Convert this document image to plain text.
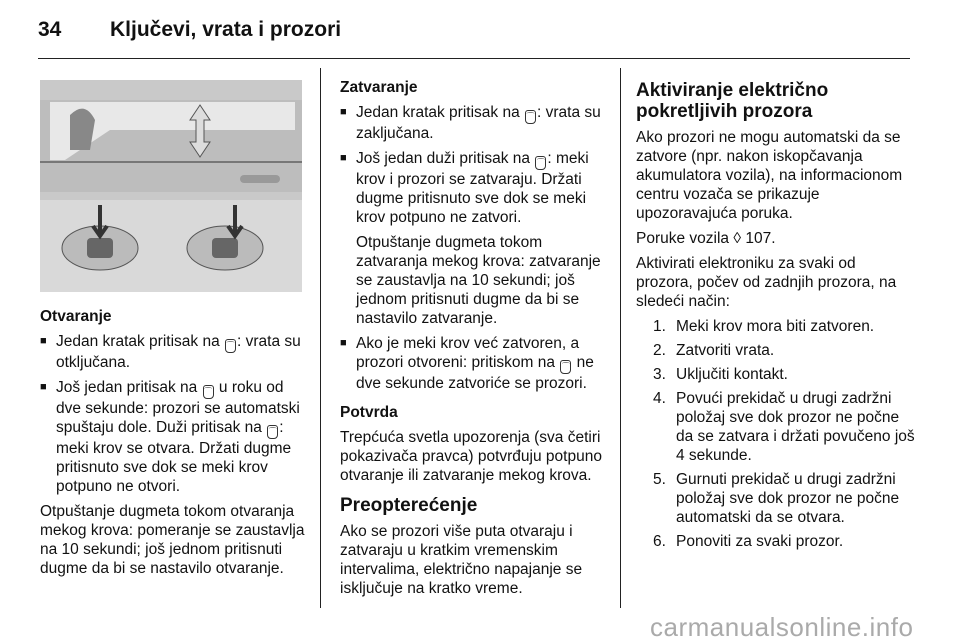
34 Ključevi, vrata i prozori

Otvaranje

■ Jedan kratak pritisak na ⌒ : vrata su otključana.
■ Još jedan pritisak na ⌒ u roku od dve sekunde: prozori se automatski spuštaju dole. Duži pritisak na ⌒ : meki krov se otvara. Držati dugme pritisnuto sve dok se meki krov potpuno ne otvori.

Otpuštanje dugmeta tokom otvaranja mekog krova: pomeranje se zaustavlja na 10 sekundi; još jednom pritisnuti dugme da bi se nastavilo otvaranje.

Zatvaranje

■ Jedan kratak pritisak na ⌒ : vrata su zaključana.
■ Još jedan duži pritisak na ⌒ : meki krov i prozori se zatvaraju. Držati dugme pritisnuto sve dok se meki krov potpuno ne zatvori.
Otpuštanje dugmeta tokom zatvaranja mekog krova: zatvaranje se zaustavlja na 10 sekundi; još jednom pritisnuti dugme da bi se nastavilo zatvaranje.
■ Ako je meki krov već zatvoren, a prozori otvoreni: pritiskom na ⌒ ne dve sekunde zatvoriće se prozori.

Potvrda

Trepćuća svetla upozorenja (sva četiri pokazivača pravca) potvrđuju potpuno otvaranje ili zatvaranje mekog krova.

Preopterećenje

Ako se prozori više puta otvaraju i zatvaraju u kratkim vremenskim intervalima, električno napajanje se isključuje na kratko vreme.

Aktiviranje električno pokretljivih prozora

Ako prozori ne mogu automatski da se zatvore (npr. nakon iskopčavanja akumulatora vozila), na informacionom centru vozača se prikazuje upozoravajuća poruka.

Poruke vozila ◊ 107.

Aktivirati elektroniku za svaki od prozora, počev od zadnjih prozora, na sledeći način:

1. Meki krov mora biti zatvoren.
2. Zatvoriti vrata.
3. Uključiti kontakt.
4. Povući prekidač u drugi zadržni položaj sve dok prozor ne počne da se zatvara i držati povučeno još 4 sekunde.
5. Gurnuti prekidač u drugi zadržni položaj sve dok prozor ne počne automatski da se otvara.
6. Ponoviti za svaki prozor.
carmanualsonline.info
